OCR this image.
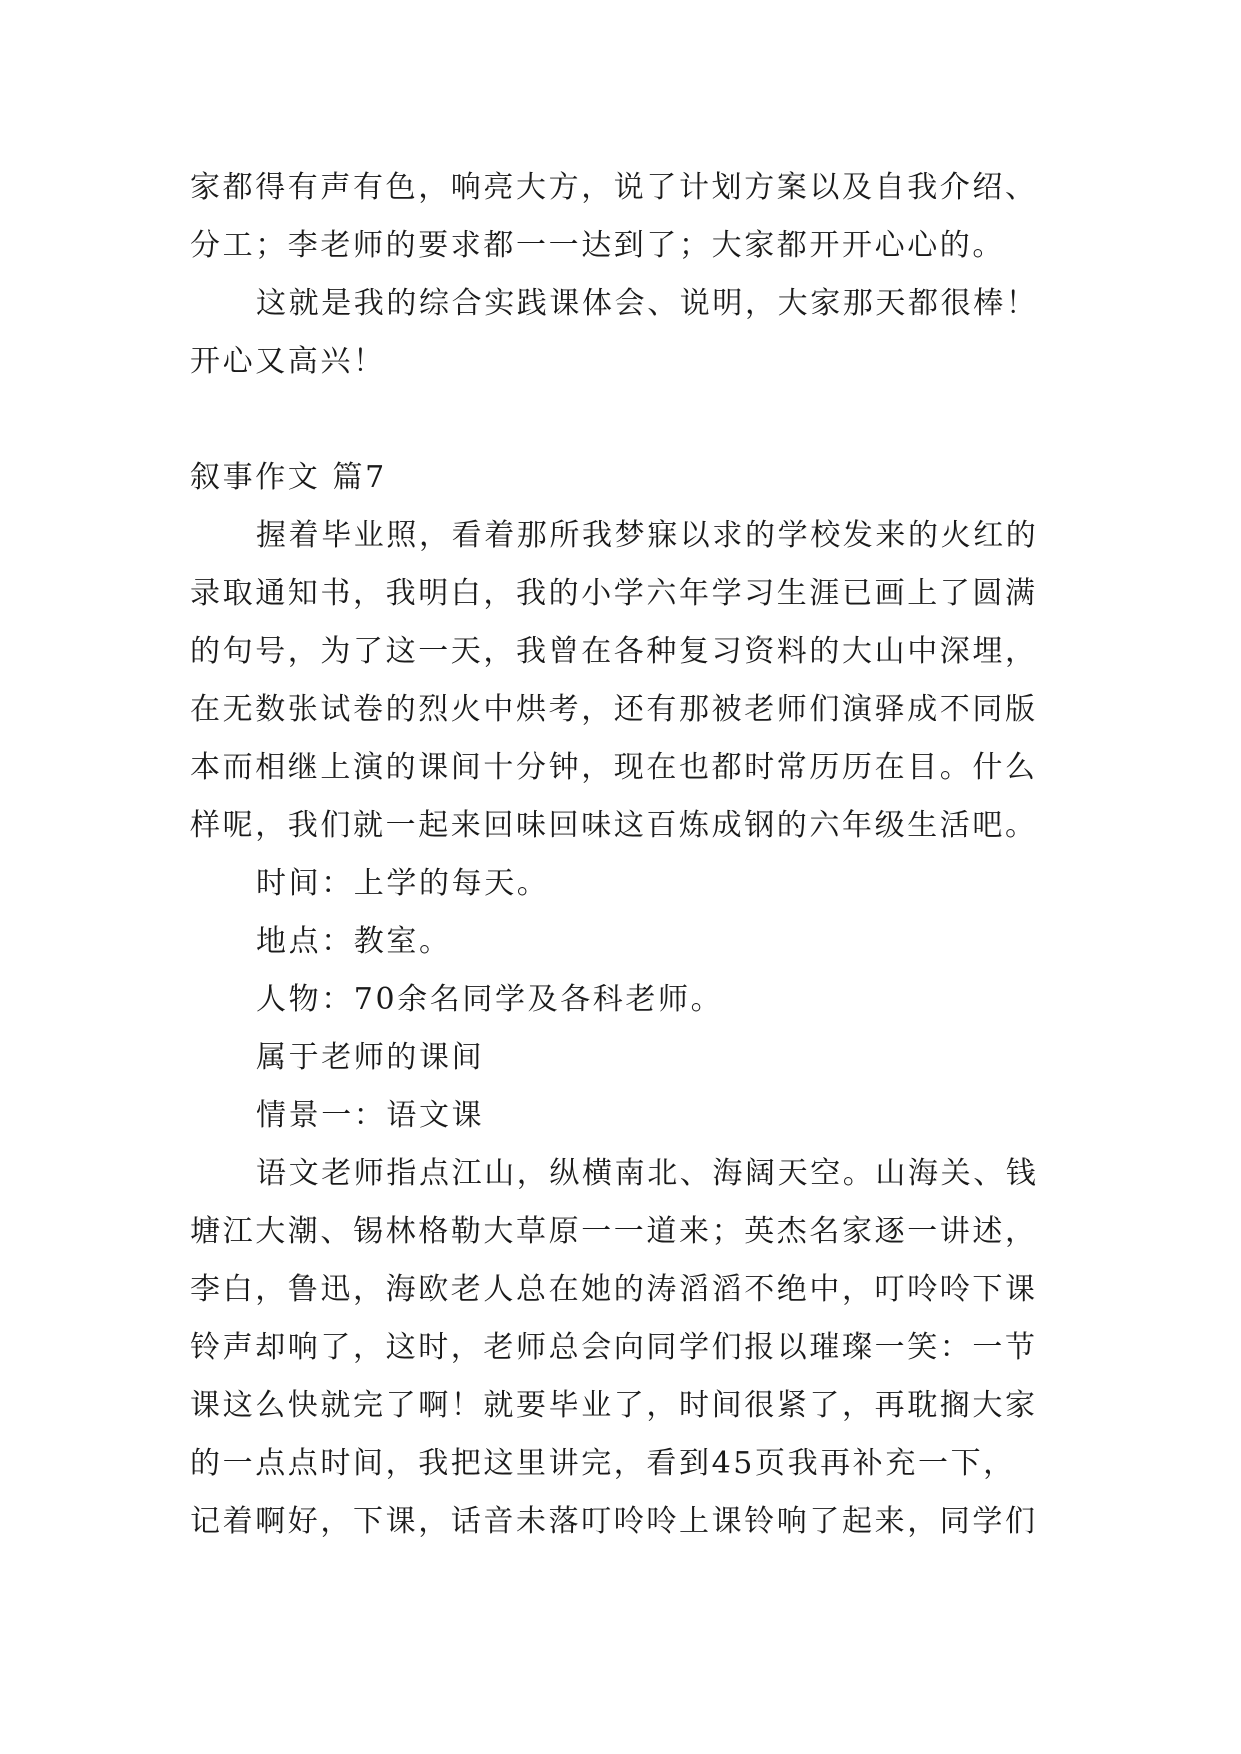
家都得有声有色，响亮大方，说了计划方案以及自我介绍、
分工；李老师的要求都一一达到了；大家都开开心心的。
这就是我的综合实践课体会、说明，大家那天都很棒！
开心又高兴！
叙事作文 篇7
握着毕业照，看着那所我梦寐以求的学校发来的火红的
录取通知书，我明白，我的小学六年学习生涯已画上了圆满
的句号，为了这一天，我曾在各种复习资料的大山中深埋，
在无数张试卷的烈火中烘考，还有那被老师们演驿成不同版
本而相继上演的课间十分钟，现在也都时常历历在目。什么
样呢，我们就一起来回味回味这百炼成钢的六年级生活吧。
时间：上学的每天。
地点：教室。
人物：70余名同学及各科老师。
属于老师的课间
情景一：语文课
语文老师指点江山，纵横南北、海阔天空。山海关、钱
塘江大潮、锡林格勒大草原一一道来；英杰名家逐一讲述，
李白，鲁迅，海欧老人总在她的涛滔滔不绝中，叮呤呤下课
铃声却响了，这时，老师总会向同学们报以璀璨一笑：一节
课这么快就完了啊！就要毕业了，时间很紧了，再耽搁大家
的一点点时间，我把这里讲完，看到45页我再补充一下，
记着啊好，下课，话音未落叮呤呤上课铃响了起来，同学们
